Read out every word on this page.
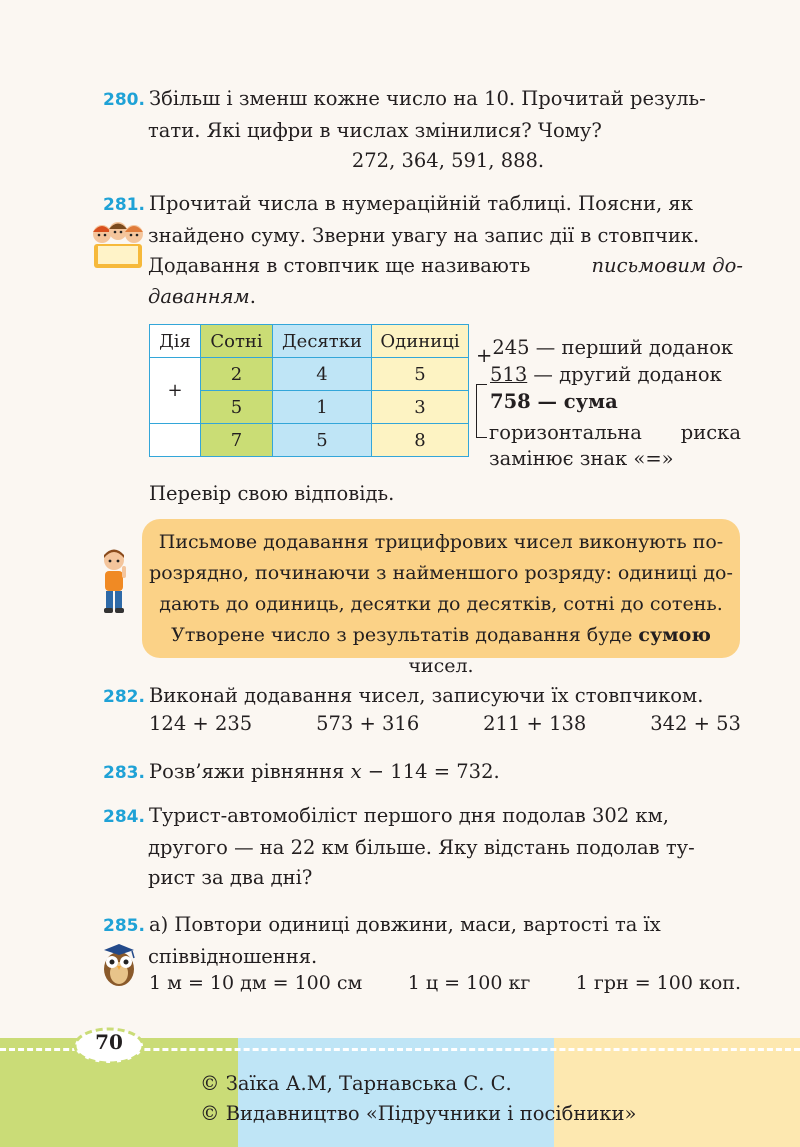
280. Збільш і зменш кожне число на 10. Прочитай резуль-
тати. Які цифри в числах змінилися? Чому?
272, 364, 591, 888.
281. Прочитай числа в нумераційній таблиці. Поясни, як
знайдено суму. Зверни увагу на запис дії в стовпчик.
Додавання в стовпчик ще називають	письмовим до-
даванням.
Дія	Сотні	Десятки	Одиниці
+	2	4	5
	5	1	3
	7	5	8
+245 — перший доданок
513 — другий доданок
758 — сума
горизонтальна риска
замінює знак «=»
Перевір свою відповідь.
Письмове додавання трицифрових чисел виконують по-
розрядно, починаючи з найменшого розряду: одиниці до-
дають до одиниць, десятки до десятків, сотні до сотень.
Утворене число з результатів додавання буде сумою чисел.
282. Виконай додавання чисел, записуючи їх стовпчиком.
124 + 235	573 + 316	211 + 138	342 + 53
283. Розв’яжи рівняння x − 114 = 732.
284. Турист-автомобіліст першого дня подолав 302 км,
другого — на 22 км більше. Яку відстань подолав ту-
рист за два дні?
285. а) Повтори одиниці довжини, маси, вартості та їх
співвідношення.
1 м = 10 дм = 100 см 1 ц = 100 кг 1 грн = 100 коп.
70
© Заїка А.М, Тарнавська С. С.
© Видавництво «Підручники і посібники»
